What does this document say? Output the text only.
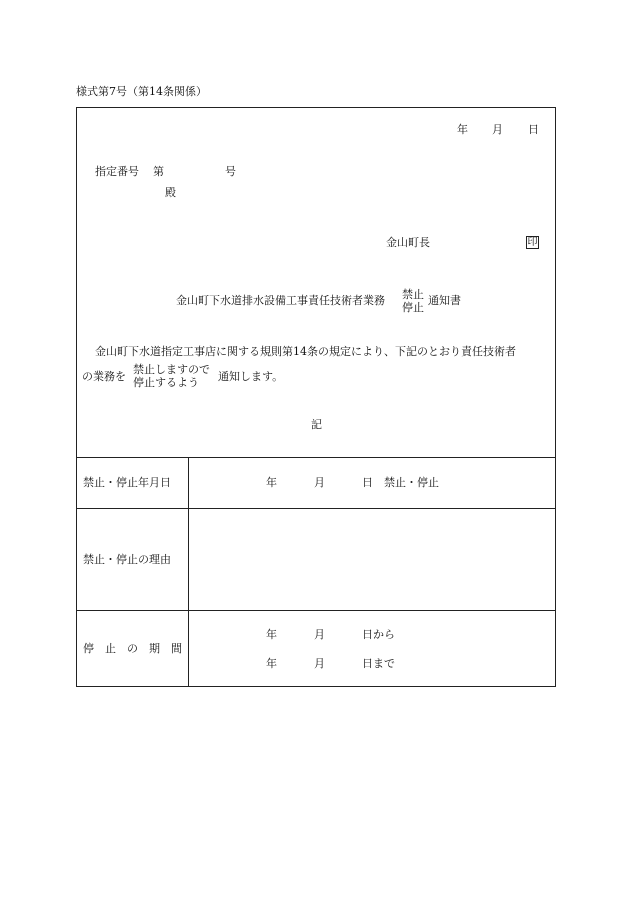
様式第7号（第14条関係）
年 月 日
指定番号 第	号
殿
金山町長	印
金山町下水道排水設備工事責任技術者業務 禁止
停止
通知書
金山町下水道指定工事店に関する規則第14条の規定により、下記のとおり責任技術者
の業務を
禁止しますので
停止するよう	通知します。
記
禁止・停止年月日	年	月	日 禁止・停止
禁止・停止の理由
停　止　の　期　間
年	月	日から
年	月	日まで
